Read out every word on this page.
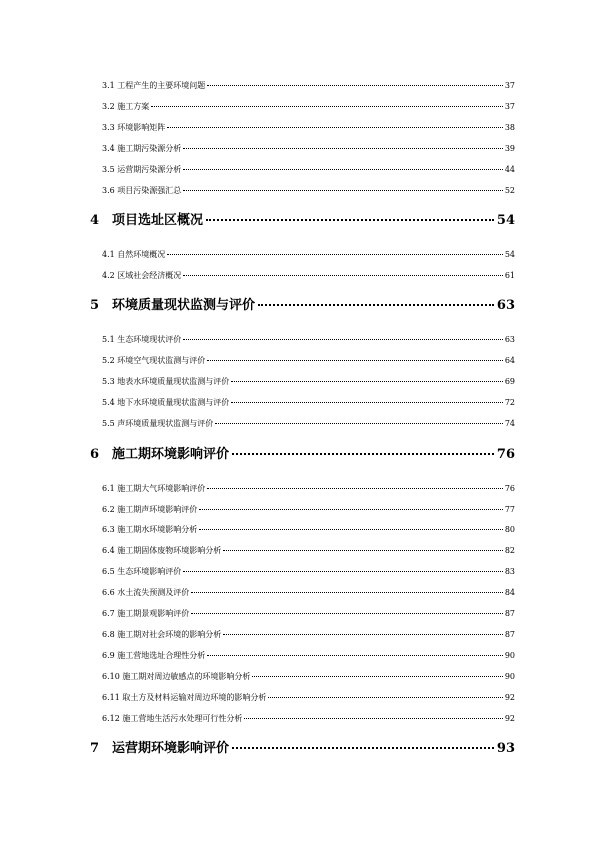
3.1 工程产生的主要环境问题	37
3.2 施工方案	37
3.3 环境影响矩阵	38
3.4 施工期污染源分析	39
3.5 运营期污染源分析	44
3.6 项目污染源强汇总	52
4 项目选址区概况	54
4.1 自然环境概况	54
4.2 区域社会经济概况	61
5 环境质量现状监测与评价	63
5.1 生态环境现状评价	63
5.2 环境空气现状监测与评价	64
5.3 地表水环境质量现状监测与评价	69
5.4 地下水环境质量现状监测与评价	72
5.5 声环境质量现状监测与评价	74
6 施工期环境影响评价	76
6.1 施工期大气环境影响评价	76
6.2 施工期声环境影响评价	77
6.3 施工期水环境影响分析	80
6.4 施工期固体废物环境影响分析	82
6.5 生态环境影响评价	83
6.6 水土流失预测及评价	84
6.7 施工期景观影响评价	87
6.8 施工期对社会环境的影响分析	87
6.9 施工营地选址合理性分析	90
6.10 施工期对周边敏感点的环境影响分析	90
6.11 取土方及材料运输对周边环境的影响分析	92
6.12 施工营地生活污水处理可行性分析	92
7 运营期环境影响评价	93
